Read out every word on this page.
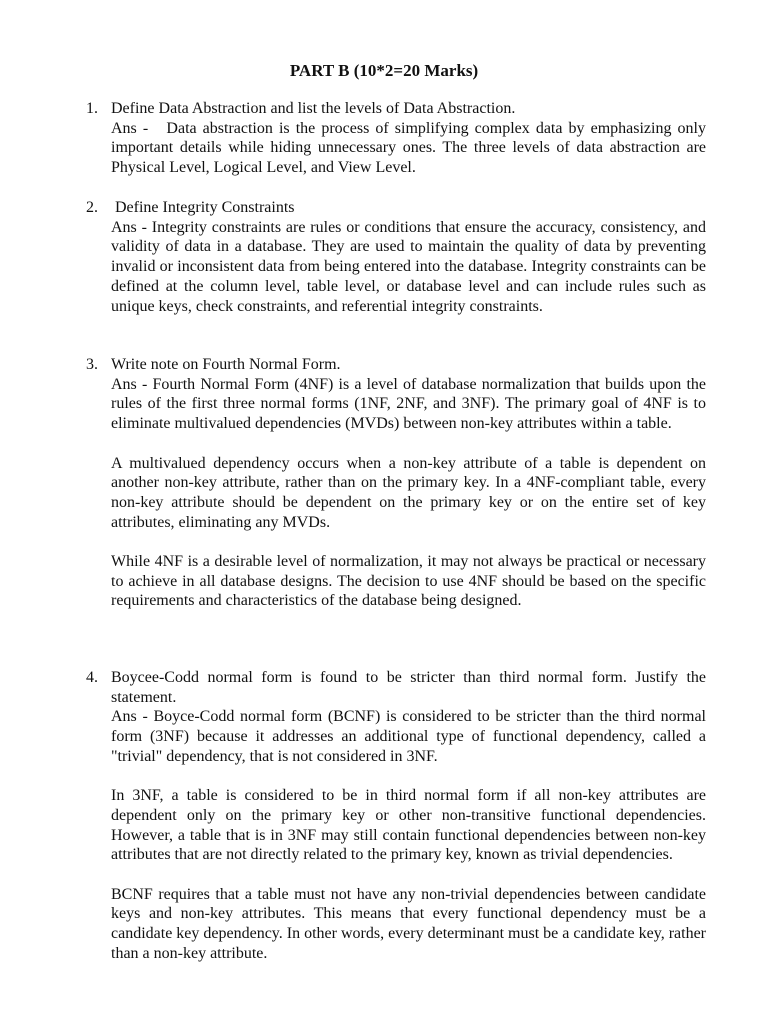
PART B (10*2=20 Marks)
1. Define Data Abstraction and list the levels of Data Abstraction.
Ans -   Data abstraction is the process of simplifying complex data by emphasizing only important details while hiding unnecessary ones. The three levels of data abstraction are Physical Level, Logical Level, and View Level.
2. Define Integrity Constraints
Ans - Integrity constraints are rules or conditions that ensure the accuracy, consistency, and validity of data in a database. They are used to maintain the quality of data by preventing invalid or inconsistent data from being entered into the database. Integrity constraints can be defined at the column level, table level, or database level and can include rules such as unique keys, check constraints, and referential integrity constraints.
3. Write note on Fourth Normal Form.
Ans - Fourth Normal Form (4NF) is a level of database normalization that builds upon the rules of the first three normal forms (1NF, 2NF, and 3NF). The primary goal of 4NF is to eliminate multivalued dependencies (MVDs) between non-key attributes within a table.
A multivalued dependency occurs when a non-key attribute of a table is dependent on another non-key attribute, rather than on the primary key. In a 4NF-compliant table, every non-key attribute should be dependent on the primary key or on the entire set of key attributes, eliminating any MVDs.
While 4NF is a desirable level of normalization, it may not always be practical or necessary to achieve in all database designs. The decision to use 4NF should be based on the specific requirements and characteristics of the database being designed.
4. Boycee-Codd normal form is found to be stricter than third normal form. Justify the statement.
Ans - Boyce-Codd normal form (BCNF) is considered to be stricter than the third normal form (3NF) because it addresses an additional type of functional dependency, called a "trivial" dependency, that is not considered in 3NF.
In 3NF, a table is considered to be in third normal form if all non-key attributes are dependent only on the primary key or other non-transitive functional dependencies. However, a table that is in 3NF may still contain functional dependencies between non-key attributes that are not directly related to the primary key, known as trivial dependencies.
BCNF requires that a table must not have any non-trivial dependencies between candidate keys and non-key attributes. This means that every functional dependency must be a candidate key dependency. In other words, every determinant must be a candidate key, rather than a non-key attribute.
